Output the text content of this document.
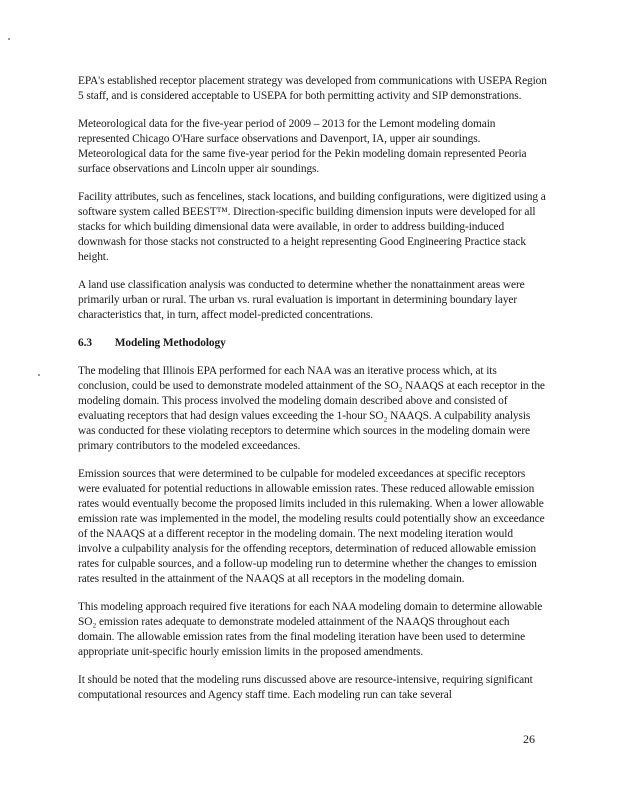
EPA's established receptor placement strategy was developed from communications with USEPA Region 5 staff, and is considered acceptable to USEPA for both permitting activity and SIP demonstrations.

Meteorological data for the five-year period of 2009 – 2013 for the Lemont modeling domain represented Chicago O'Hare surface observations and Davenport, IA, upper air soundings. Meteorological data for the same five-year period for the Pekin modeling domain represented Peoria surface observations and Lincoln upper air soundings.

Facility attributes, such as fencelines, stack locations, and building configurations, were digitized using a software system called BEEST™. Direction-specific building dimension inputs were developed for all stacks for which building dimensional data were available, in order to address building-induced downwash for those stacks not constructed to a height representing Good Engineering Practice stack height.

A land use classification analysis was conducted to determine whether the nonattainment areas were primarily urban or rural. The urban vs. rural evaluation is important in determining boundary layer characteristics that, in turn, affect model-predicted concentrations.

6.3 Modeling Methodology

The modeling that Illinois EPA performed for each NAA was an iterative process which, at its conclusion, could be used to demonstrate modeled attainment of the SO₂ NAAQS at each receptor in the modeling domain. This process involved the modeling domain described above and consisted of evaluating receptors that had design values exceeding the 1-hour SO₂ NAAQS. A culpability analysis was conducted for these violating receptors to determine which sources in the modeling domain were primary contributors to the modeled exceedances.

Emission sources that were determined to be culpable for modeled exceedances at specific receptors were evaluated for potential reductions in allowable emission rates. These reduced allowable emission rates would eventually become the proposed limits included in this rulemaking. When a lower allowable emission rate was implemented in the model, the modeling results could potentially show an exceedance of the NAAQS at a different receptor in the modeling domain. The next modeling iteration would involve a culpability analysis for the offending receptors, determination of reduced allowable emission rates for culpable sources, and a follow-up modeling run to determine whether the changes to emission rates resulted in the attainment of the NAAQS at all receptors in the modeling domain.

This modeling approach required five iterations for each NAA modeling domain to determine allowable SO₂ emission rates adequate to demonstrate modeled attainment of the NAAQS throughout each domain. The allowable emission rates from the final modeling iteration have been used to determine appropriate unit-specific hourly emission limits in the proposed amendments.

It should be noted that the modeling runs discussed above are resource-intensive, requiring significant computational resources and Agency staff time. Each modeling run can take several

26
